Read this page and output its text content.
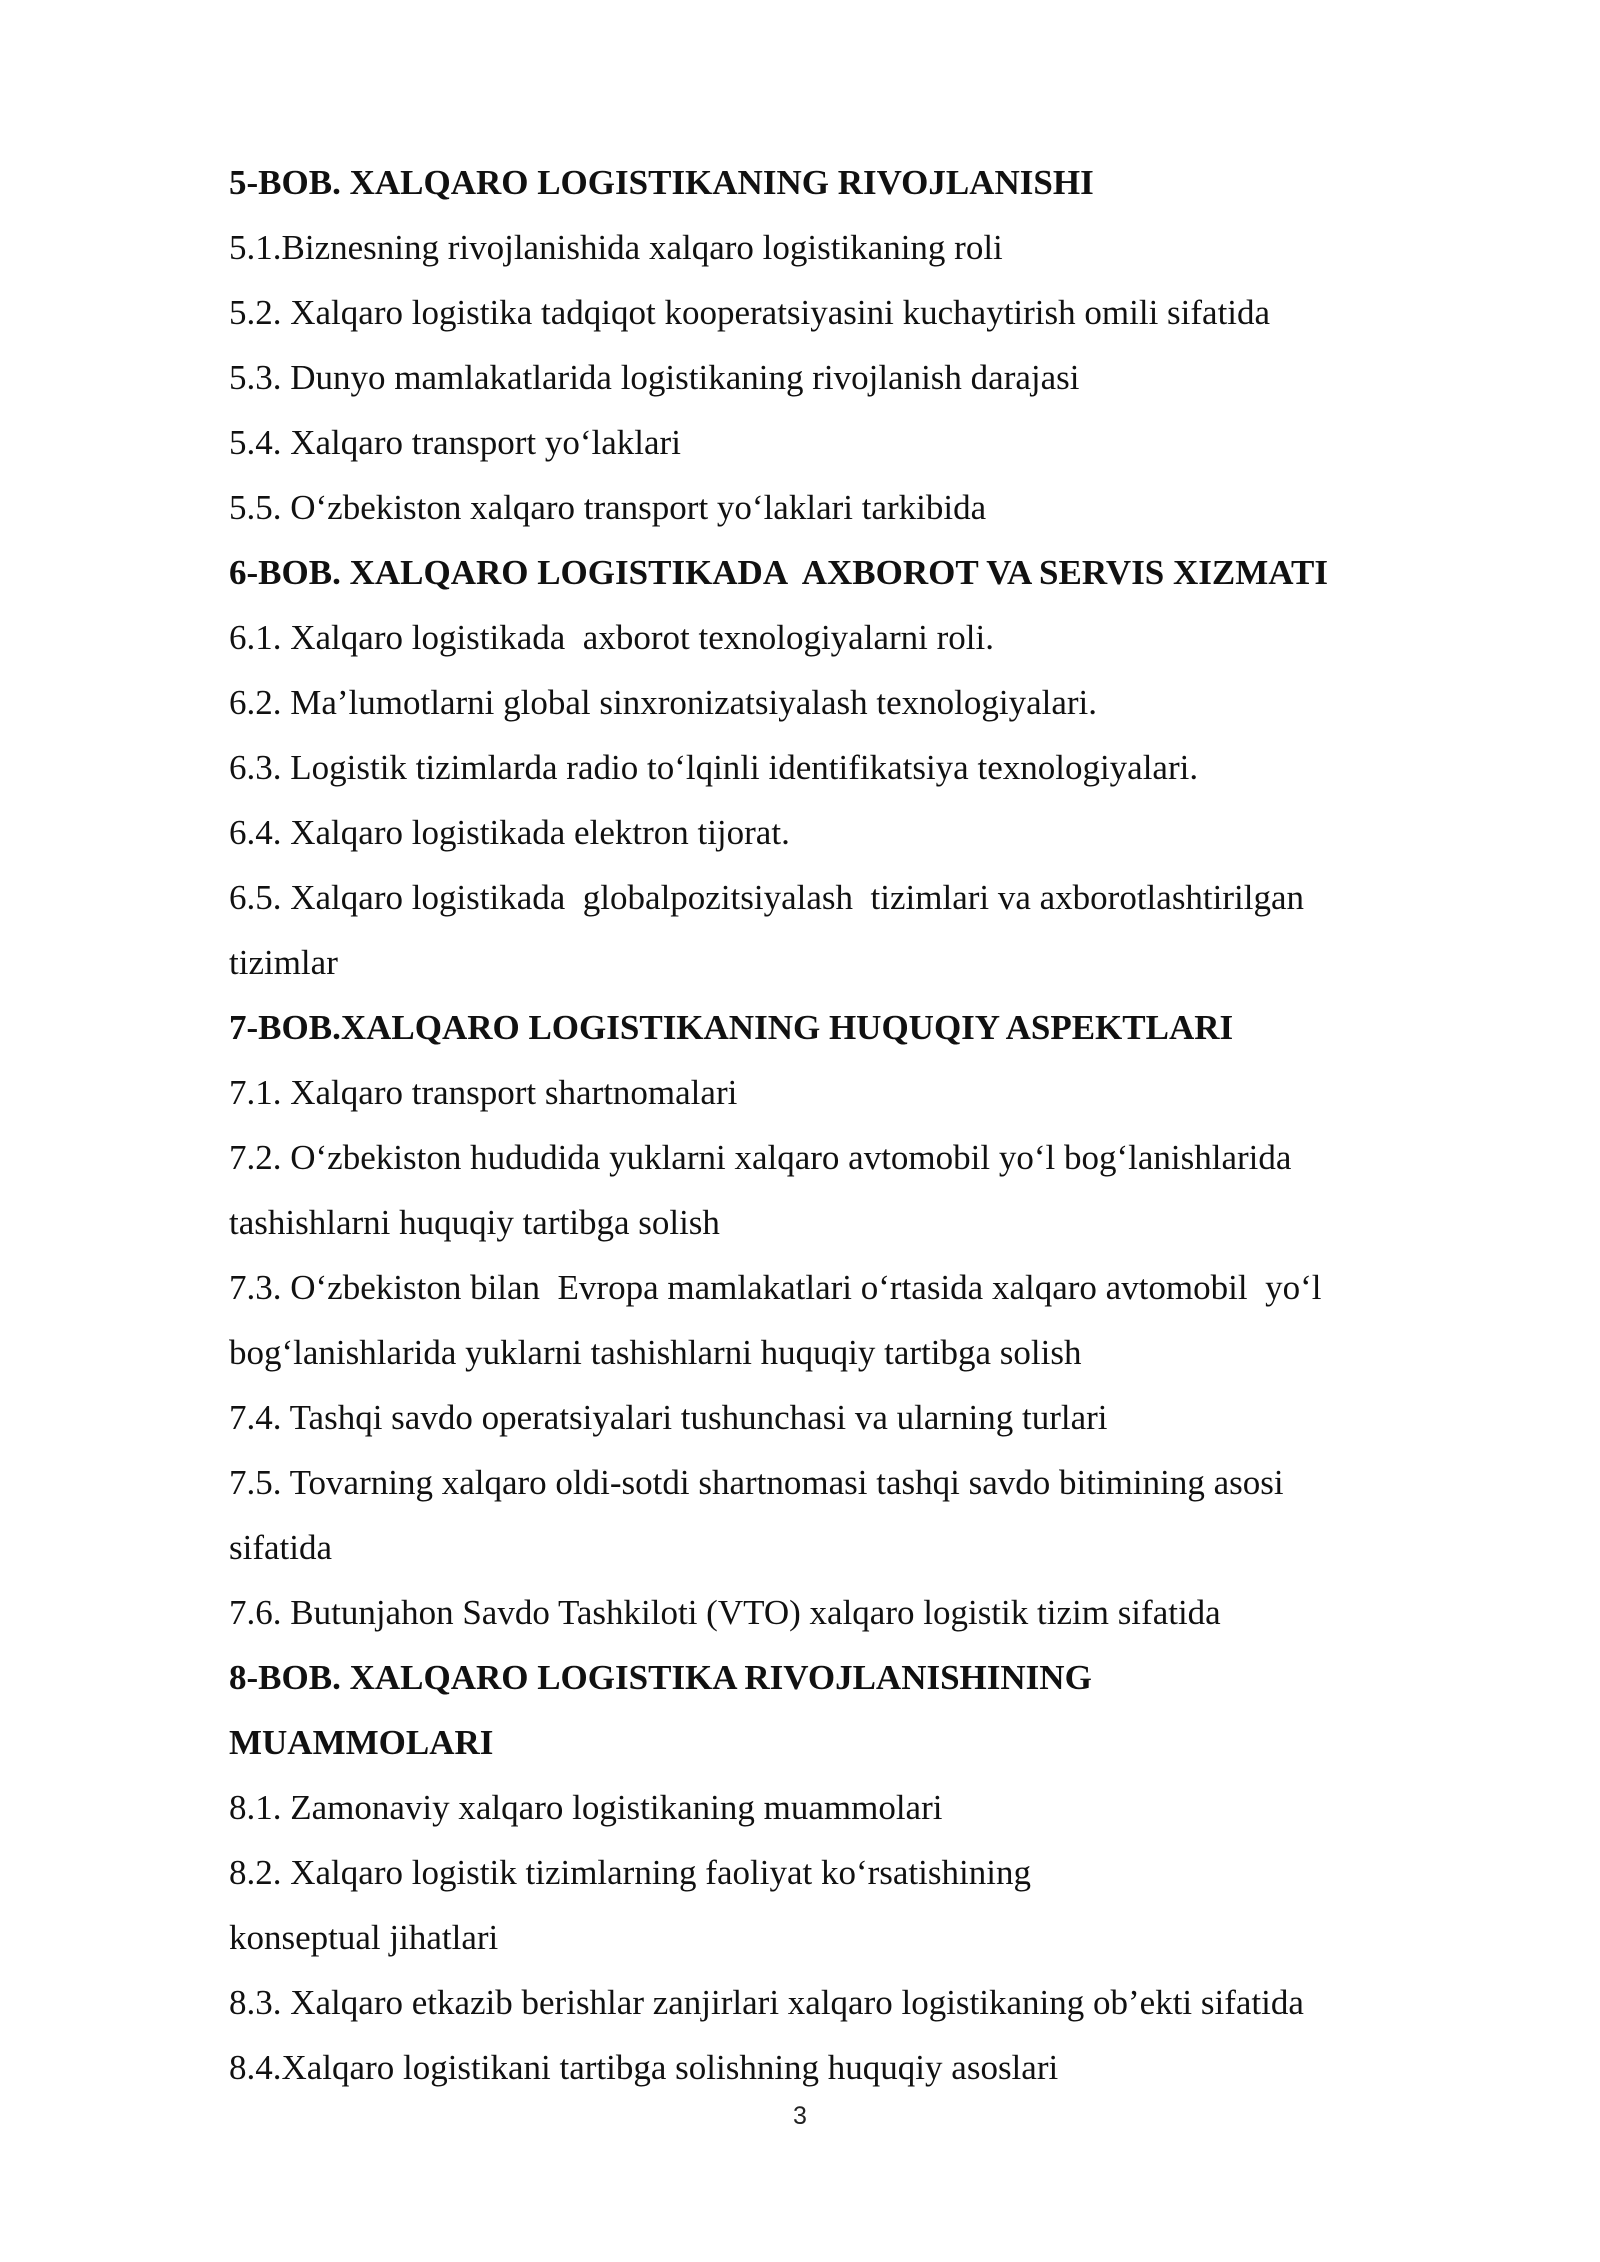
5-BOB. XALQARO LOGISTIKANING RIVOJLANISHI
5.1.Biznesning rivojlanishida xalqaro logistikaning roli
5.2. Xalqaro logistika tadqiqot kooperatsiyasini kuchaytirish omili sifatida
5.3. Dunyo mamlakatlarida logistikaning rivojlanish darajasi
5.4. Xalqaro transport yo‘laklari
5.5. O‘zbekiston xalqaro transport yo‘laklari tarkibida
6-BOB. XALQARO LOGISTIKADA  AXBOROT VA SERVIS XIZMATI
6.1. Xalqaro logistikada  axborot texnologiyalarni roli.
6.2. Ma’lumotlarni global sinxronizatsiyalash texnologiyalari.
6.3. Logistik tizimlarda radio to‘lqinli identifikatsiya texnologiyalari.
6.4. Xalqaro logistikada elektron tijorat.
6.5. Xalqaro logistikada  globalpozitsiyalash  tizimlari va axborotlashtirilgan
tizimlar
7-BOB.XALQARO LOGISTIKANING HUQUQIY ASPEKTLARI
7.1. Xalqaro transport shartnomalari
7.2. O‘zbekiston hududida yuklarni xalqaro avtomobil yo‘l bog‘lanishlarida
tashishlarni huquqiy tartibga solish
7.3. O‘zbekiston bilan  Evropa mamlakatlari o‘rtasida xalqaro avtomobil  yo‘l
bog‘lanishlarida yuklarni tashishlarni huquqiy tartibga solish
7.4. Tashqi savdo operatsiyalari tushunchasi va ularning turlari
7.5. Tovarning xalqaro oldi-sotdi shartnomasi tashqi savdo bitimining asosi
sifatida
7.6. Butunjahon Savdo Tashkiloti (VTO) xalqaro logistik tizim sifatida
8-BOB. XALQARO LOGISTIKA RIVOJLANISHINING
MUAMMOLARI
8.1. Zamonaviy xalqaro logistikaning muammolari
8.2. Xalqaro logistik tizimlarning faoliyat ko‘rsatishining
konseptual jihatlari
8.3. Xalqaro etkazib berishlar zanjirlari xalqaro logistikaning ob’ekti sifatida
8.4.Xalqaro logistikani tartibga solishning huquqiy asoslari
3
